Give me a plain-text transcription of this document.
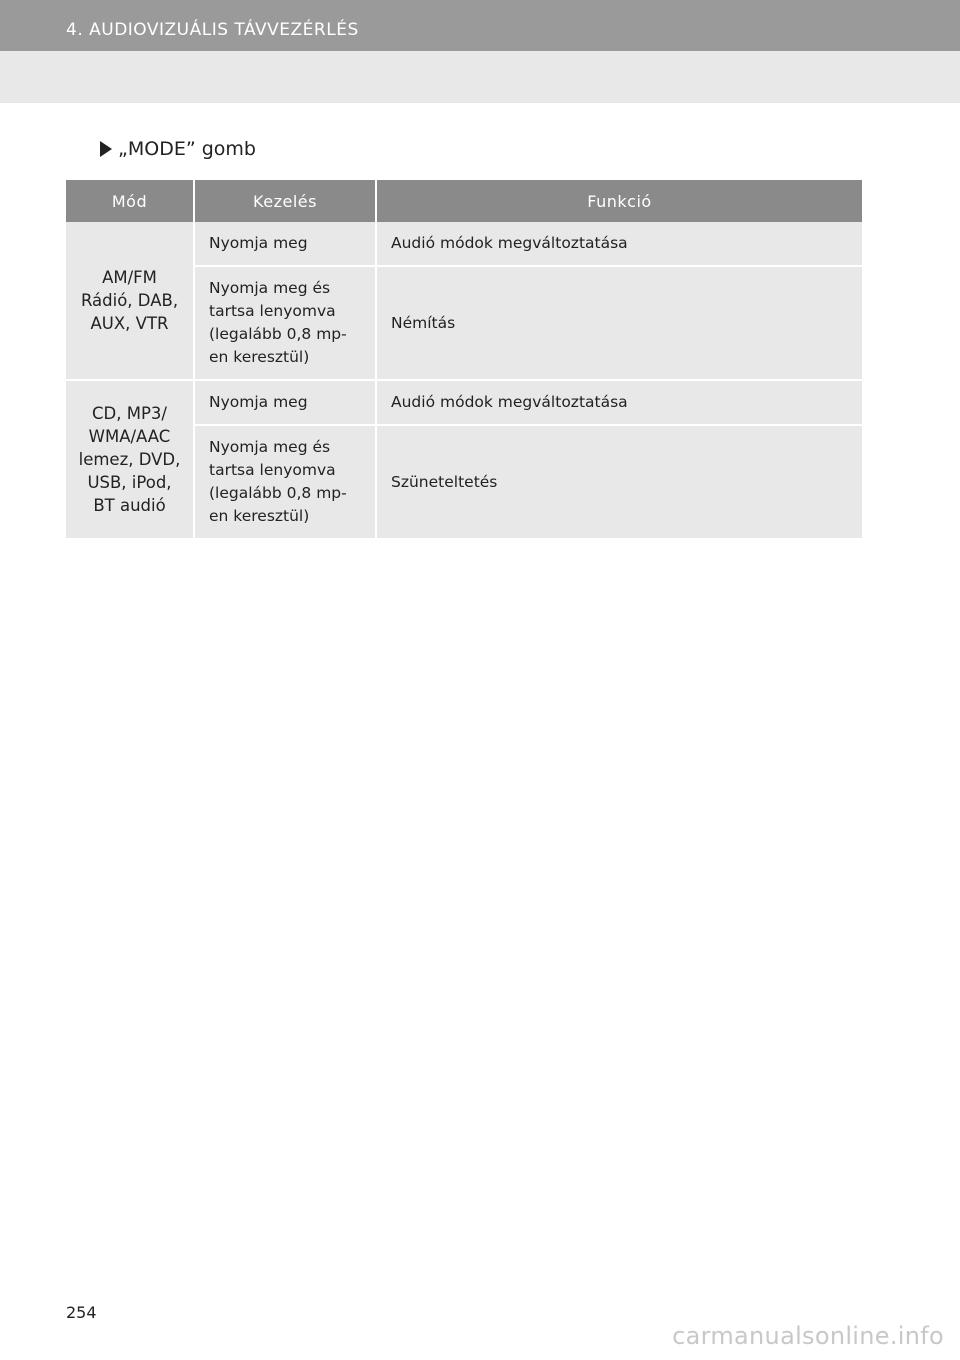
4. AUDIOVIZUÁLIS TÁVVEZÉRLÉS
„MODE” gomb
Mód	Kezelés	Funkció

AM/FM
Rádió, DAB,
AUX, VTR	Nyomja meg	Audió módok megváltoztatása

	Nyomja meg és
tartsa lenyomva
(legalább 0,8 mp-
en keresztül)	Némítás

CD, MP3/
WMA/AAC
lemez, DVD,
USB, iPod,
BT audió	Nyomja meg	Audió módok megváltoztatása

	Nyomja meg és
tartsa lenyomva
(legalább 0,8 mp-
en keresztül)	Szüneteltetés
254
carmanualsonline.info
